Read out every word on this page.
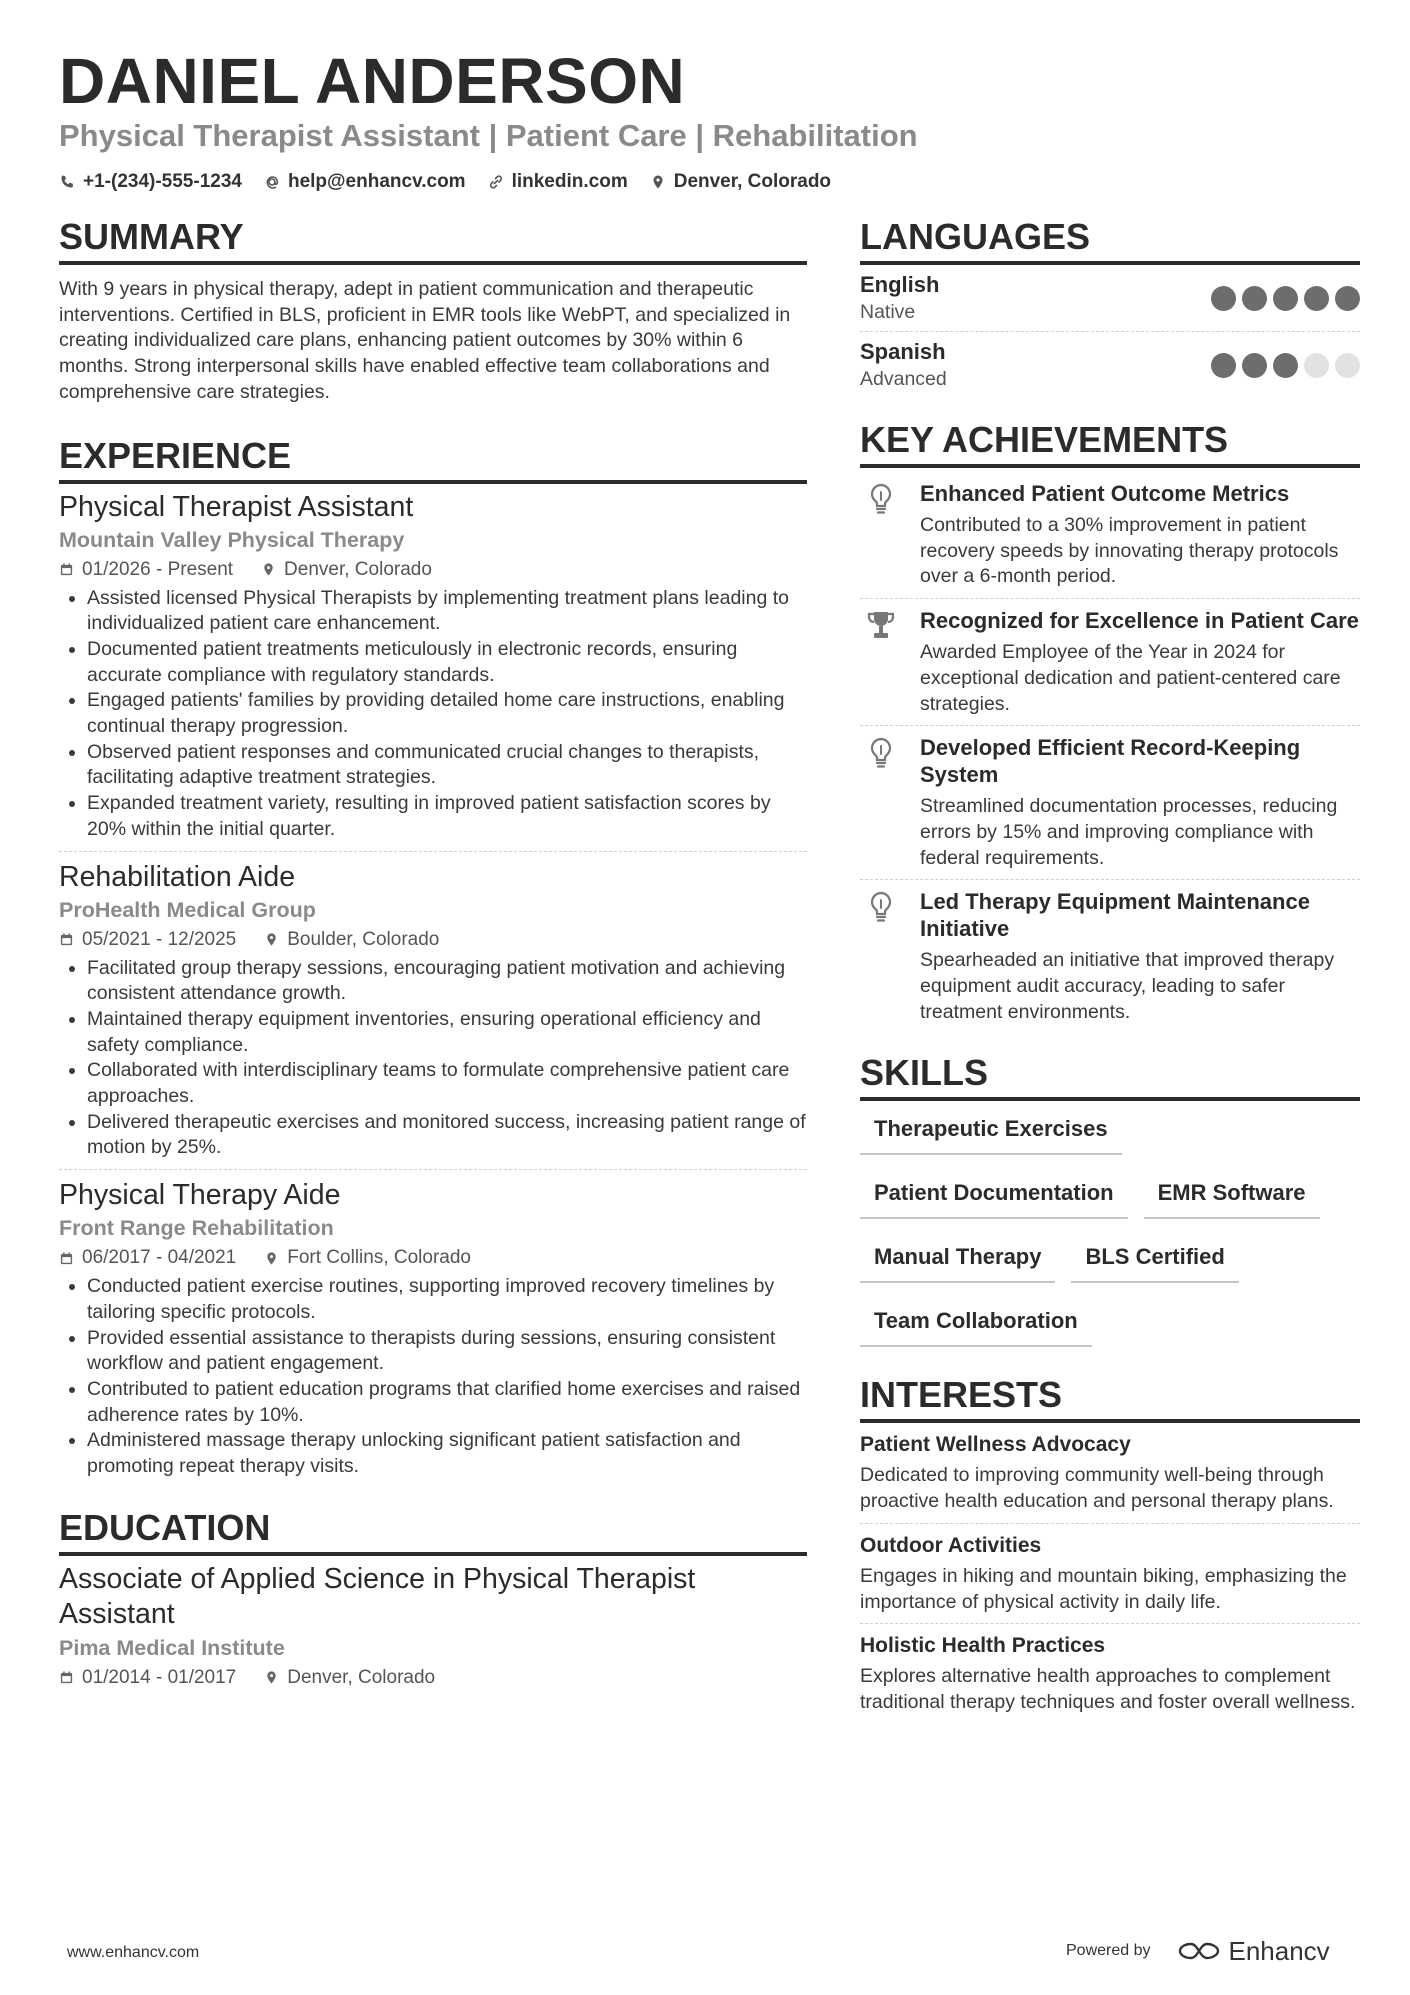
DANIEL ANDERSON
Physical Therapist Assistant | Patient Care | Rehabilitation
+1-(234)-555-1234 help@enhancv.com linkedin.com Denver, Colorado
SUMMARY

With 9 years in physical therapy, adept in patient communication and therapeutic interventions. Certified in BLS, proficient in EMR tools like WebPT, and specialized in creating individualized care plans, enhancing patient outcomes by 30% within 6 months. Strong interpersonal skills have enabled effective team collaborations and comprehensive care strategies.

EXPERIENCE
Physical Therapist Assistant
Mountain Valley Physical Therapy
01/2026 - Present	Denver, Colorado
• Assisted licensed Physical Therapists by implementing treatment plans leading to individualized patient care enhancement.
• Documented patient treatments meticulously in electronic records, ensuring accurate compliance with regulatory standards.
• Engaged patients' families by providing detailed home care instructions, enabling continual therapy progression.
• Observed patient responses and communicated crucial changes to therapists, facilitating adaptive treatment strategies.
• Expanded treatment variety, resulting in improved patient satisfaction scores by 20% within the initial quarter.
Rehabilitation Aide
ProHealth Medical Group
05/2021 - 12/2025	Boulder, Colorado
• Facilitated group therapy sessions, encouraging patient motivation and achieving consistent attendance growth.
• Maintained therapy equipment inventories, ensuring operational efficiency and safety compliance.
• Collaborated with interdisciplinary teams to formulate comprehensive patient care approaches.
• Delivered therapeutic exercises and monitored success, increasing patient range of motion by 25%.
Physical Therapy Aide
Front Range Rehabilitation
06/2017 - 04/2021	Fort Collins, Colorado
• Conducted patient exercise routines, supporting improved recovery timelines by tailoring specific protocols.
• Provided essential assistance to therapists during sessions, ensuring consistent workflow and patient engagement.
• Contributed to patient education programs that clarified home exercises and raised adherence rates by 10%.
• Administered massage therapy unlocking significant patient satisfaction and promoting repeat therapy visits.
EDUCATION
Associate of Applied Science in Physical Therapist Assistant
Pima Medical Institute
01/2014 - 01/2017	Denver, Colorado
LANGUAGES
English
Native
Spanish
Advanced
KEY ACHIEVEMENTS
Enhanced Patient Outcome Metrics
Contributed to a 30% improvement in patient recovery speeds by innovating therapy protocols over a 6-month period.
Recognized for Excellence in Patient Care
Awarded Employee of the Year in 2024 for exceptional dedication and patient-centered care strategies.
Developed Efficient Record-Keeping System
Streamlined documentation processes, reducing errors by 15% and improving compliance with federal requirements.
Led Therapy Equipment Maintenance Initiative
Spearheaded an initiative that improved therapy equipment audit accuracy, leading to safer treatment environments.
SKILLS
Therapeutic Exercises
Patient Documentation	EMR Software
Manual Therapy	BLS Certified
Team Collaboration
INTERESTS
Patient Wellness Advocacy
Dedicated to improving community well-being through proactive health education and personal therapy plans.
Outdoor Activities
Engages in hiking and mountain biking, emphasizing the importance of physical activity in daily life.
Holistic Health Practices
Explores alternative health approaches to complement traditional therapy techniques and foster overall wellness.
www.enhancv.com	Powered by	Enhancv
